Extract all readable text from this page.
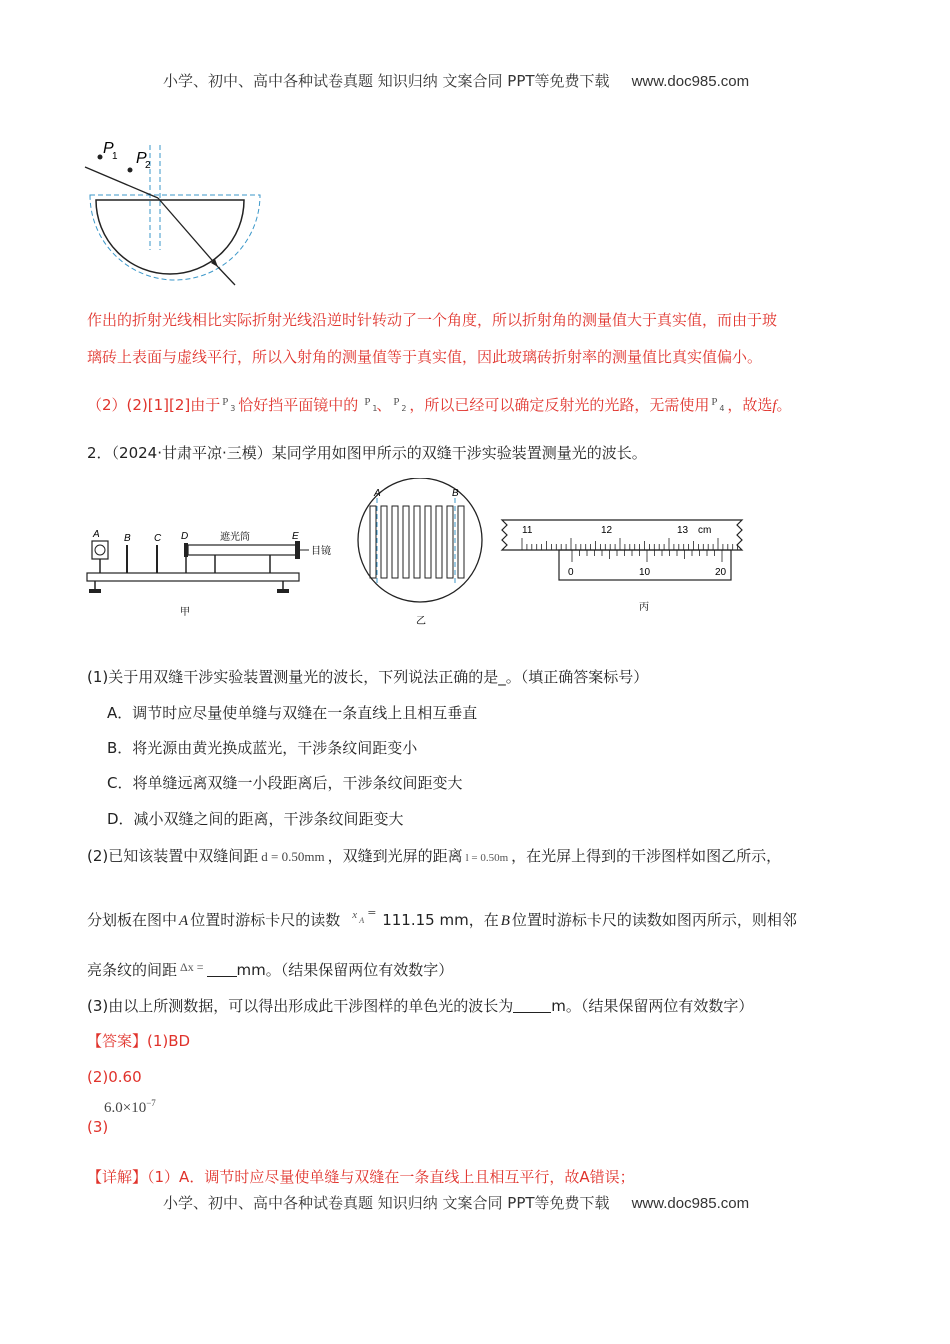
小学、初中、高中各种试卷真题 知识归纳 文案合同 PPT等免费下载 www.doc985.com
P
1 P
2
作出的折射光线相比实际折射光线沿逆时针转动了一个角度，所以折射角的测量值大于真实值，而由于玻
璃砖上表面与虚线平行，所以入射角的测量值等于真实值，因此玻璃砖折射率的测量值比真实值偏小。
（2）(2)[1][2]由于 P
3 恰好挡平面镜中的 P
1
、 P
2 ，所以已经可以确定反射光的光路，无需使用 P
4 ，故选f。
2．（2024·甘肃平凉·三模）某同学用如图甲所示的双缝干涉实验装置测量光的波长。
A B C D	E
遮光筒
目镜
甲
A	B
乙
11	12	13 cm
0	10	20
丙
(1)关于用双缝干涉实验装置测量光的波长，下列说法正确的是_。（填正确答案标号）
A．调节时应尽量使单缝与双缝在一条直线上且相互垂直
B．将光源由黄光换成蓝光，干涉条纹间距变小
C．将单缝远离双缝一小段距离后，干涉条纹间距变大
D．减小双缝之间的距离，干涉条纹间距变大
(2)已知该装置中双缝间距 d = 0.50mm ，双缝到光屏的距离 l = 0.50m ，在光屏上得到的干涉图样如图乙所示，
分划板在图中 A 位置时游标卡尺的读数 x A
= 111.15 mm，在 B 位置时游标卡尺的读数如图丙所示，则相邻
亮条纹的间距 $^{\Delta x =}$ mm。（结果保留两位有效数字）
(3)由以上所测数据，可以得出形成此干涉图样的单色光的波长为	m。（结果保留两位有效数字）
【答案】(1)BD
(2)0.60
$6.0\times 10^{-7}$
(3)
【详解】（1）A．调节时应尽量使单缝与双缝在一条直线上且相互平行，故A错误；
小学、初中、高中各种试卷真题 知识归纳 文案合同 PPT等免费下载 www.doc985.com
